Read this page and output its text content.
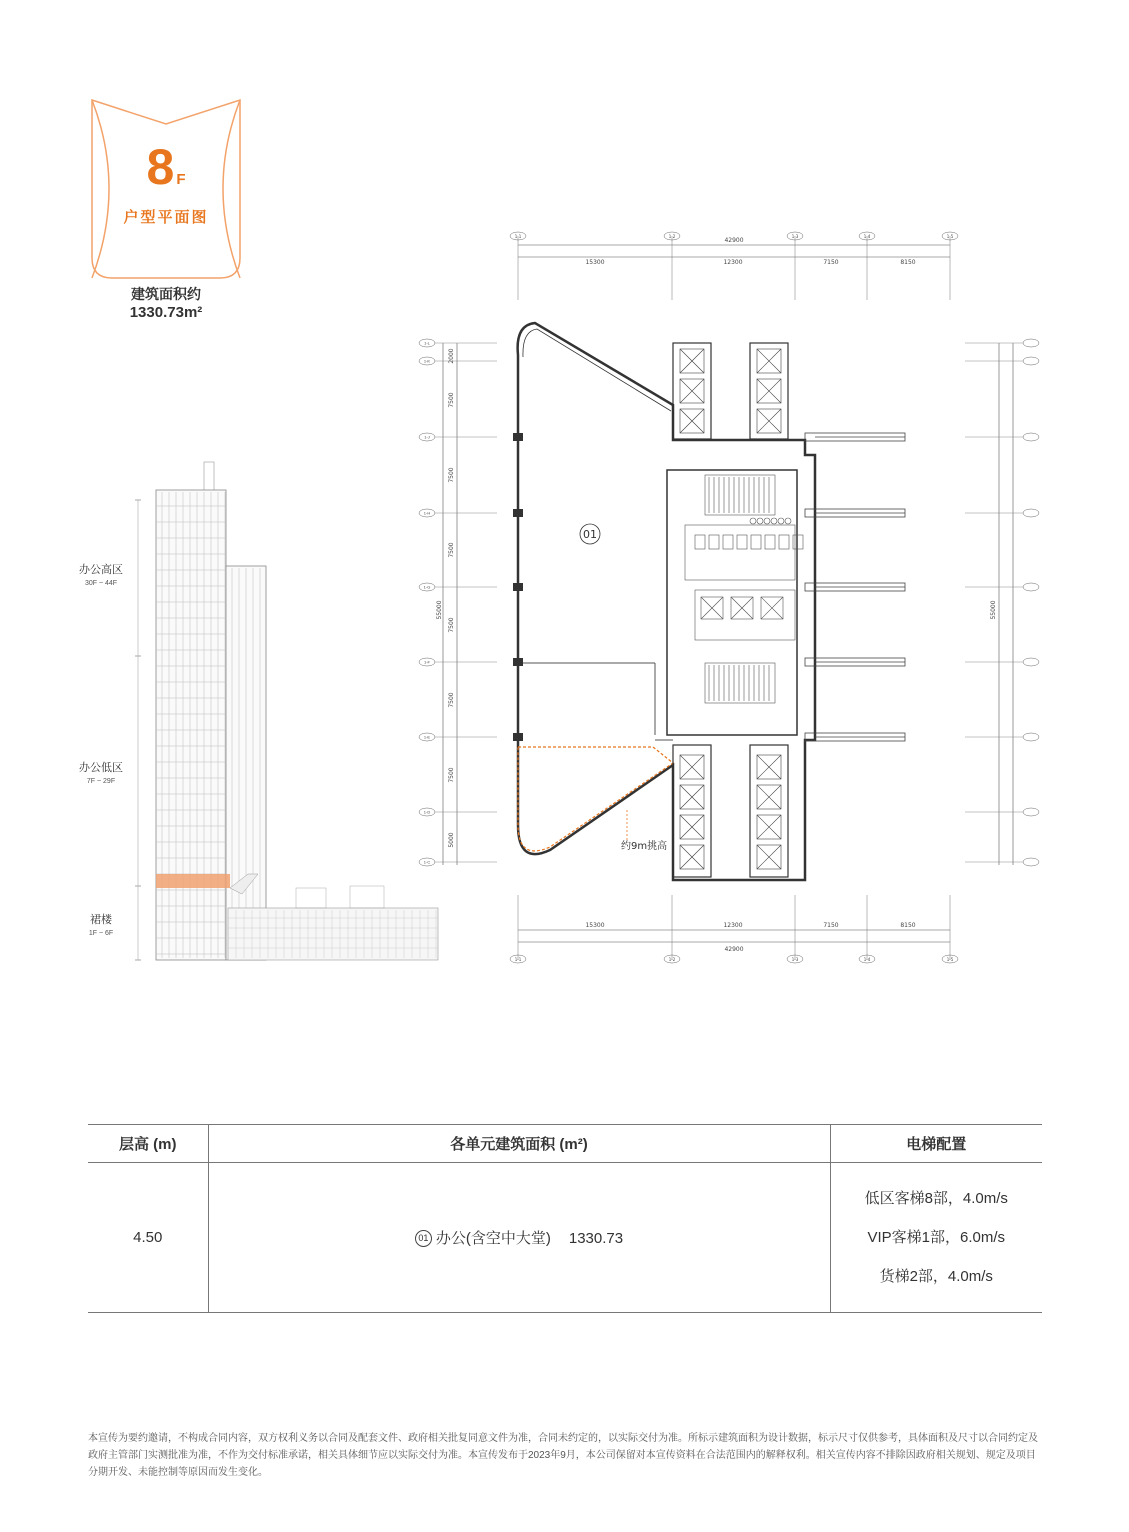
8 F
户型平面图
建筑面积约
1330.73m²
办公高区
30F ~ 44F
办公低区
7F ~ 29F
裙楼
1F ~ 6F
42900
15300	12300	7150	8150
1-1	1-2	1-3	1-4	1-5
15300	12300	7150	8150
42900
1-1	1-2	1-3	1-4	1-5
1-L
1-K
1-J
1-H
1-G
1-F
1-E
1-D
1-C
55000
55000
2000
7500
7500
7500
7500
7500
7500
5000	约9m挑高
01
层高 (m)	各单元建筑面积 (m²)	电梯配置
4.50	01 办公(含空中大堂) 1330.73	低区客梯8部，4.0m/s
VIP客梯1部，6.0m/s
货梯2部，4.0m/s
本宣传为要约邀请，不构成合同内容，双方权利义务以合同及配套文件、政府相关批复同意文件为准，合同未约定的，以实际交付为准。所标示建筑面积为设计数据，标示尺寸仅供参考，具体面积及尺寸以合同约定及政府主管部门实测批准为准，不作为交付标准承诺，相关具体细节应以实际交付为准。本宣传发布于2023年9月，本公司保留对本宣传资料在合法范围内的解释权利。相关宣传内容不排除因政府相关规划、规定及项目分期开发、未能控制等原因而发生变化。
